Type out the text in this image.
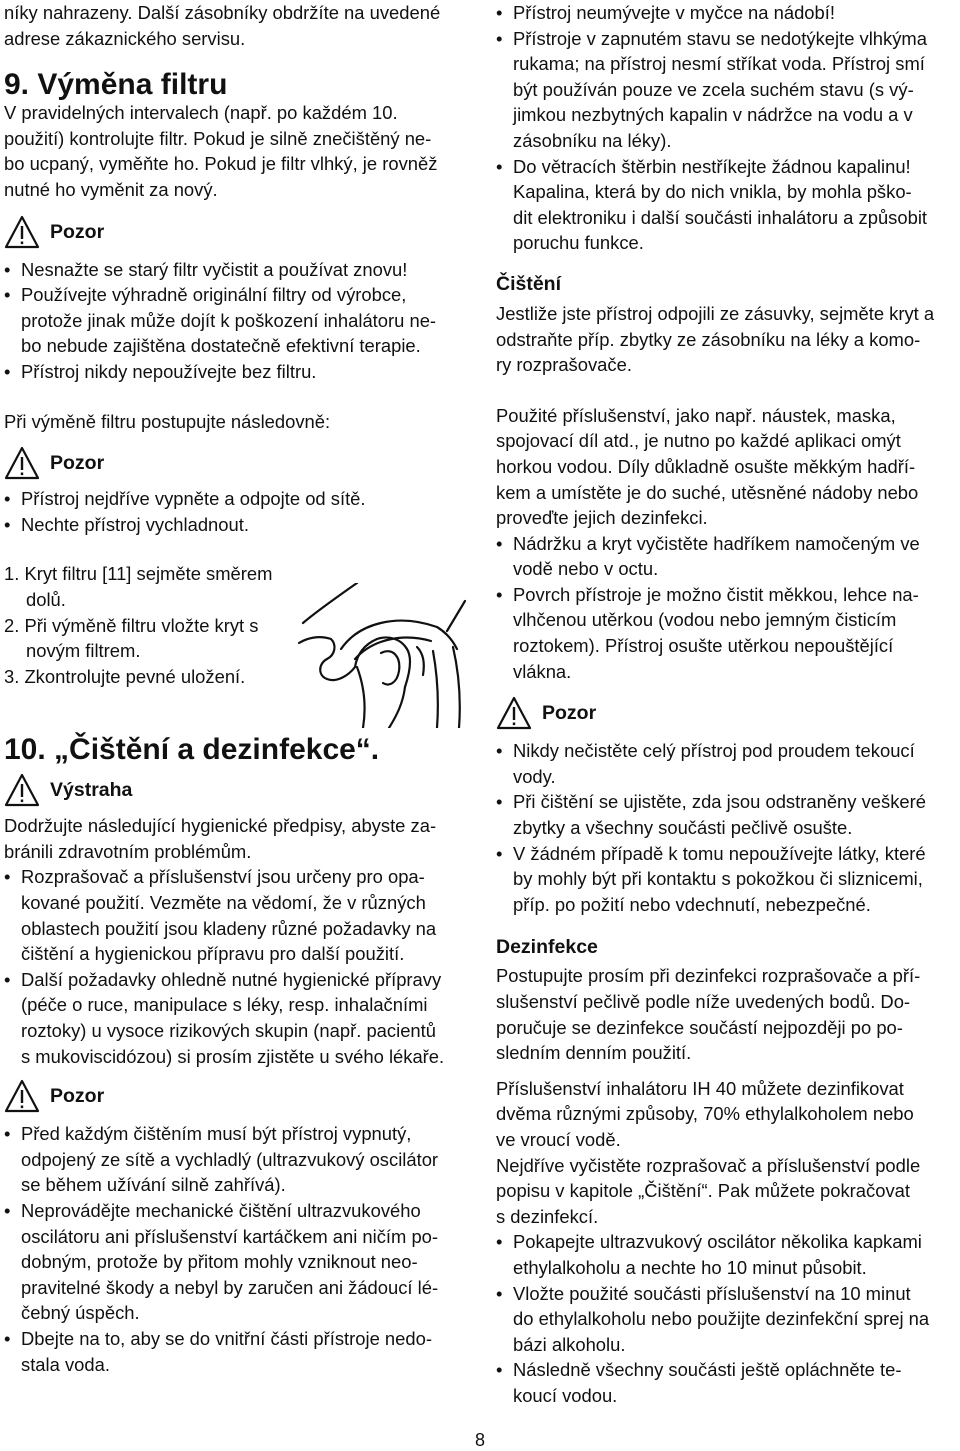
níky nahrazeny. Další zásobníky obdržíte na uvedené
adrese zákaznického servisu.
9. Výměna filtru
V pravidelných intervalech (např. po každém 10.
použití) kontrolujte filtr. Pokud je silně znečištěný ne-
bo ucpaný, vyměňte ho. Pokud je filtr vlhký, je rovněž
nutné ho vyměnit za nový.
Pozor
• Nesnažte se starý filtr vyčistit a používat znovu!
• Používejte výhradně originální filtry od výrobce,
protože jinak může dojít k poškození inhalátoru ne-
bo nebude zajištěna dostatečně efektivní terapie.
• Přístroj nikdy nepoužívejte bez filtru.
Při výměně filtru postupujte následovně:
Pozor
• Přístroj nejdříve vypněte a odpojte od sítě.
• Nechte přístroj vychladnout.
1. Kryt filtru [11] sejměte směrem
dolů.
2. Při výměně filtru vložte kryt s
novým filtrem.
3. Zkontrolujte pevné uložení.
10. „Čištění a dezinfekce“.
Výstraha
Dodržujte následující hygienické předpisy, abyste za-
bránili zdravotním problémům.
• Rozprašovač a příslušenství jsou určeny pro opa-
kované použití. Vezměte na vědomí, že v různých
oblastech použití jsou kladeny různé požadavky na
čištění a hygienickou přípravu pro další použití.
• Další požadavky ohledně nutné hygienické přípravy
(péče o ruce, manipulace s léky, resp. inhalačními
roztoky) u vysoce rizikových skupin (např. pacientů
s mukoviscidózou) si prosím zjistěte u svého lékaře.
Pozor
• Před každým čištěním musí být přístroj vypnutý,
odpojený ze sítě a vychladlý (ultrazvukový oscilátor
se během užívání silně zahřívá).
• Neprovádějte mechanické čištění ultrazvukového
oscilátoru ani příslušenství kartáčkem ani ničím po-
dobným, protože by přitom mohly vzniknout neo-
pravitelné škody a nebyl by zaručen ani žádoucí lé-
čebný úspěch.
• Dbejte na to, aby se do vnitřní části přístroje nedo-
stala voda.
• Přístroj neumývejte v myčce na nádobí!
• Přístroje v zapnutém stavu se nedotýkejte vlhkýma
rukama; na přístroj nesmí stříkat voda. Přístroj smí
být používán pouze ve zcela suchém stavu (s vý-
jimkou nezbytných kapalin v nádržce na vodu a v
zásobníku na léky).
• Do větracích štěrbin nestříkejte žádnou kapalinu!
Kapalina, která by do nich vnikla, by mohla pško-
dit elektroniku i další součásti inhalátoru a způsobit
poruchu funkce.
Čištění
Jestliže jste přístroj odpojili ze zásuvky, sejměte kryt a
odstraňte příp. zbytky ze zásobníku na léky a komo-
ry rozprašovače.
Použité příslušenství, jako např. náustek, maska,
spojovací díl atd., je nutno po každé aplikaci omýt
horkou vodou. Díly důkladně osušte měkkým hadří-
kem a umístěte je do suché, utěsněné nádoby nebo
proveďte jejich dezinfekci.
• Nádržku a kryt vyčistěte hadříkem namočeným ve
vodě nebo v octu.
• Povrch přístroje je možno čistit měkkou, lehce na-
vlhčenou utěrkou (vodou nebo jemným čisticím
roztokem). Přístroj osušte utěrkou nepouštějící
vlákna.
Pozor
• Nikdy nečistěte celý přístroj pod proudem tekoucí
vody.
• Při čištění se ujistěte, zda jsou odstraněny veškeré
zbytky a všechny součásti pečlivě osušte.
• V žádném případě k tomu nepoužívejte látky, které
by mohly být při kontaktu s pokožkou či sliznicemi,
příp. po požití nebo vdechnutí, nebezpečné.
Dezinfekce
Postupujte prosím při dezinfekci rozprašovače a pří-
slušenství pečlivě podle níže uvedených bodů. Do-
poručuje se dezinfekce součástí nejpozději po po-
sledním denním použití.
Příslušenství inhalátoru IH 40 můžete dezinfikovat
dvěma různými způsoby, 70% ethylalkoholem nebo
ve vroucí vodě.
Nejdříve vyčistěte rozprašovač a příslušenství podle
popisu v kapitole „Čištění“. Pak můžete pokračovat
s dezinfekcí.
• Pokapejte ultrazvukový oscilátor několika kapkami
ethylalkoholu a nechte ho 10 minut působit.
• Vložte použité součásti příslušenství na 10 minut
do ethylalkoholu nebo použijte dezinfekční sprej na
bázi alkoholu.
• Následně všechny součásti ještě opláchněte te-
koucí vodou.
8
